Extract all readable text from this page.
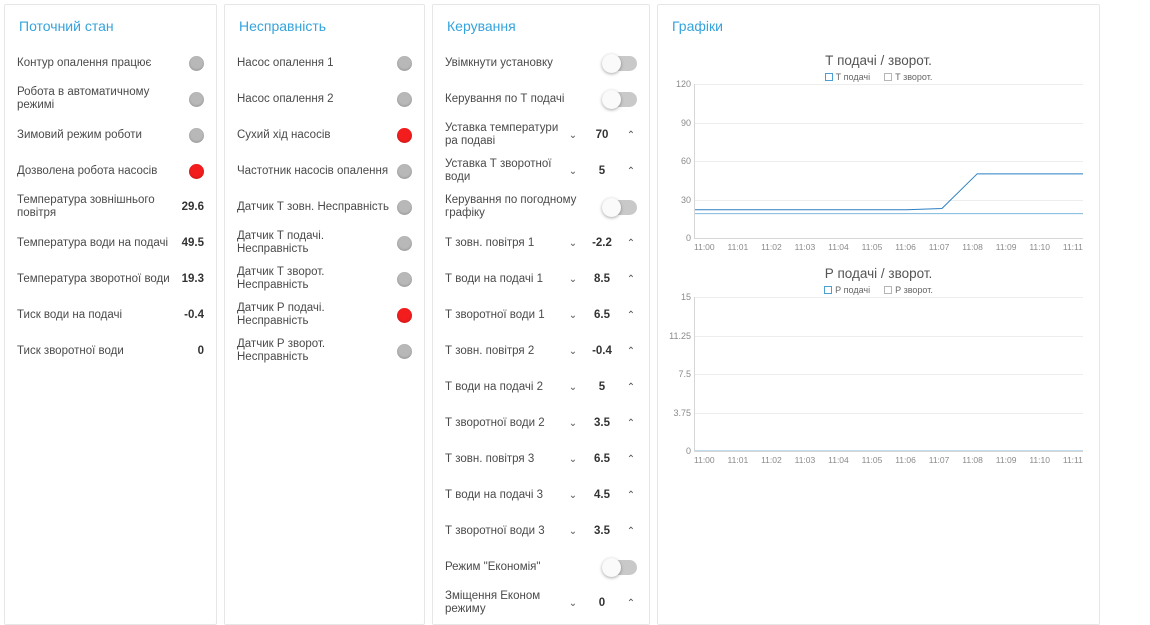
Поточний стан
Контур опалення працює
Робота в автоматичному режимі
Зимовий режим роботи
Дозволена робота насосів
Температура зовнішнього повітря	29.6
Температура води на подачі	49.5
Температура зворотної води	19.3
Тиск води на подачі	-0.4
Тиск зворотної води	0
Несправність
Насос опалення 1
Насос опалення 2
Сухий хід насосів
Частотник насосів опалення
Датчик Т зовн. Несправність
Датчик Т подачі. Несправність
Датчик Т зворот. Несправність
Датчик Р подачі. Несправність
Датчик Р зворот. Несправність
Керування
Увімкнути установку
Керування по Т подачі
Уставка температури ра подаві	⌄	70	⌃
Уставка Т зворотної води	⌄	5	⌃
Керування по погодному графіку
Т зовн. повітря 1	⌄	-2.2	⌃
Т води на подачі 1	⌄	8.5	⌃
Т зворотної води 1	⌄	6.5	⌃
Т зовн. повітря 2	⌄	-0.4	⌃
Т води на подачі 2	⌄	5	⌃
Т зворотної води 2	⌄	3.5	⌃
Т зовн. повітря 3	⌄	6.5	⌃
Т води на подачі 3	⌄	4.5	⌃
Т зворотної води 3	⌄	3.5	⌃
Режим "Економія"
Зміщення Економ режиму	⌄	0	⌃
Графіки
Т подачі / зворот.
Т подачі	Т зворот.
0
30
60
90
120
11:00 11:01 11:02 11:03 11:04 11:05 11:06 11:07 11:08 11:09 11:10 11:11
Р подачі / зворот.
Р подачі	Р зворот.
0
3.75
7.5
11.25
15
11:00 11:01 11:02 11:03 11:04 11:05 11:06 11:07 11:08 11:09 11:10 11:11
